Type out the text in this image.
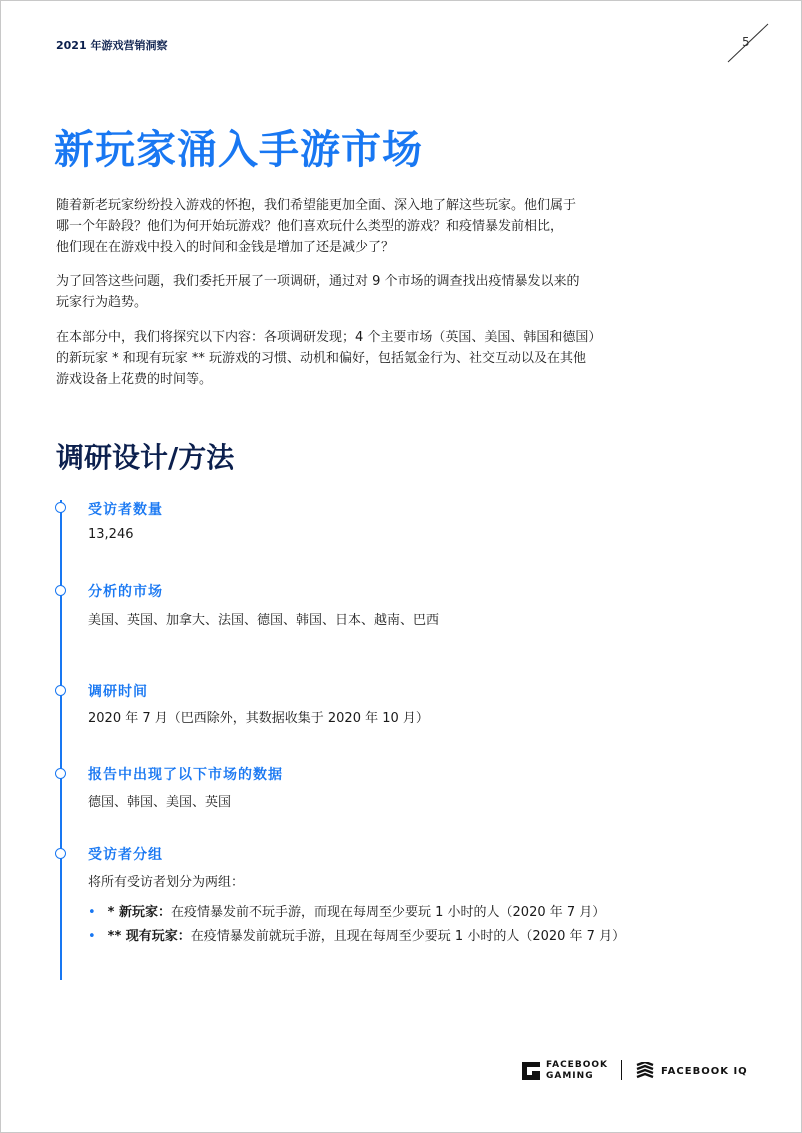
2021 年游戏营销洞察	5
新玩家涌入手游市场

随着新老玩家纷纷投入游戏的怀抱，我们希望能更加全面、深入地了解这些玩家。他们属于
哪一个年龄段？他们为何开始玩游戏？他们喜欢玩什么类型的游戏？和疫情暴发前相比，
他们现在在游戏中投入的时间和金钱是增加了还是减少了？

为了回答这些问题，我们委托开展了一项调研，通过对 9 个市场的调查找出疫情暴发以来的
玩家行为趋势。

在本部分中，我们将探究以下内容：各项调研发现；4 个主要市场（英国、美国、韩国和德国）
的新玩家 * 和现有玩家 ** 玩游戏的习惯、动机和偏好，包括氪金行为、社交互动以及在其他
游戏设备上花费的时间等。

调研设计/方法
受访者数量
13,246
分析的市场
美国、英国、加拿大、法国、德国、韩国、日本、越南、巴西
调研时间
2020 年 7 月（巴西除外，其数据收集于 2020 年 10 月）
报告中出现了以下市场的数据
德国、韩国、美国、英国
受访者分组
将所有受访者划分为两组：
• * 新玩家：在疫情暴发前不玩手游，而现在每周至少要玩 1 小时的人（2020 年 7 月）
• ** 现有玩家：在疫情暴发前就玩手游，且现在每周至少要玩 1 小时的人（2020 年 7 月）
FACEBOOK
GAMING	FACEBOOK IQ
